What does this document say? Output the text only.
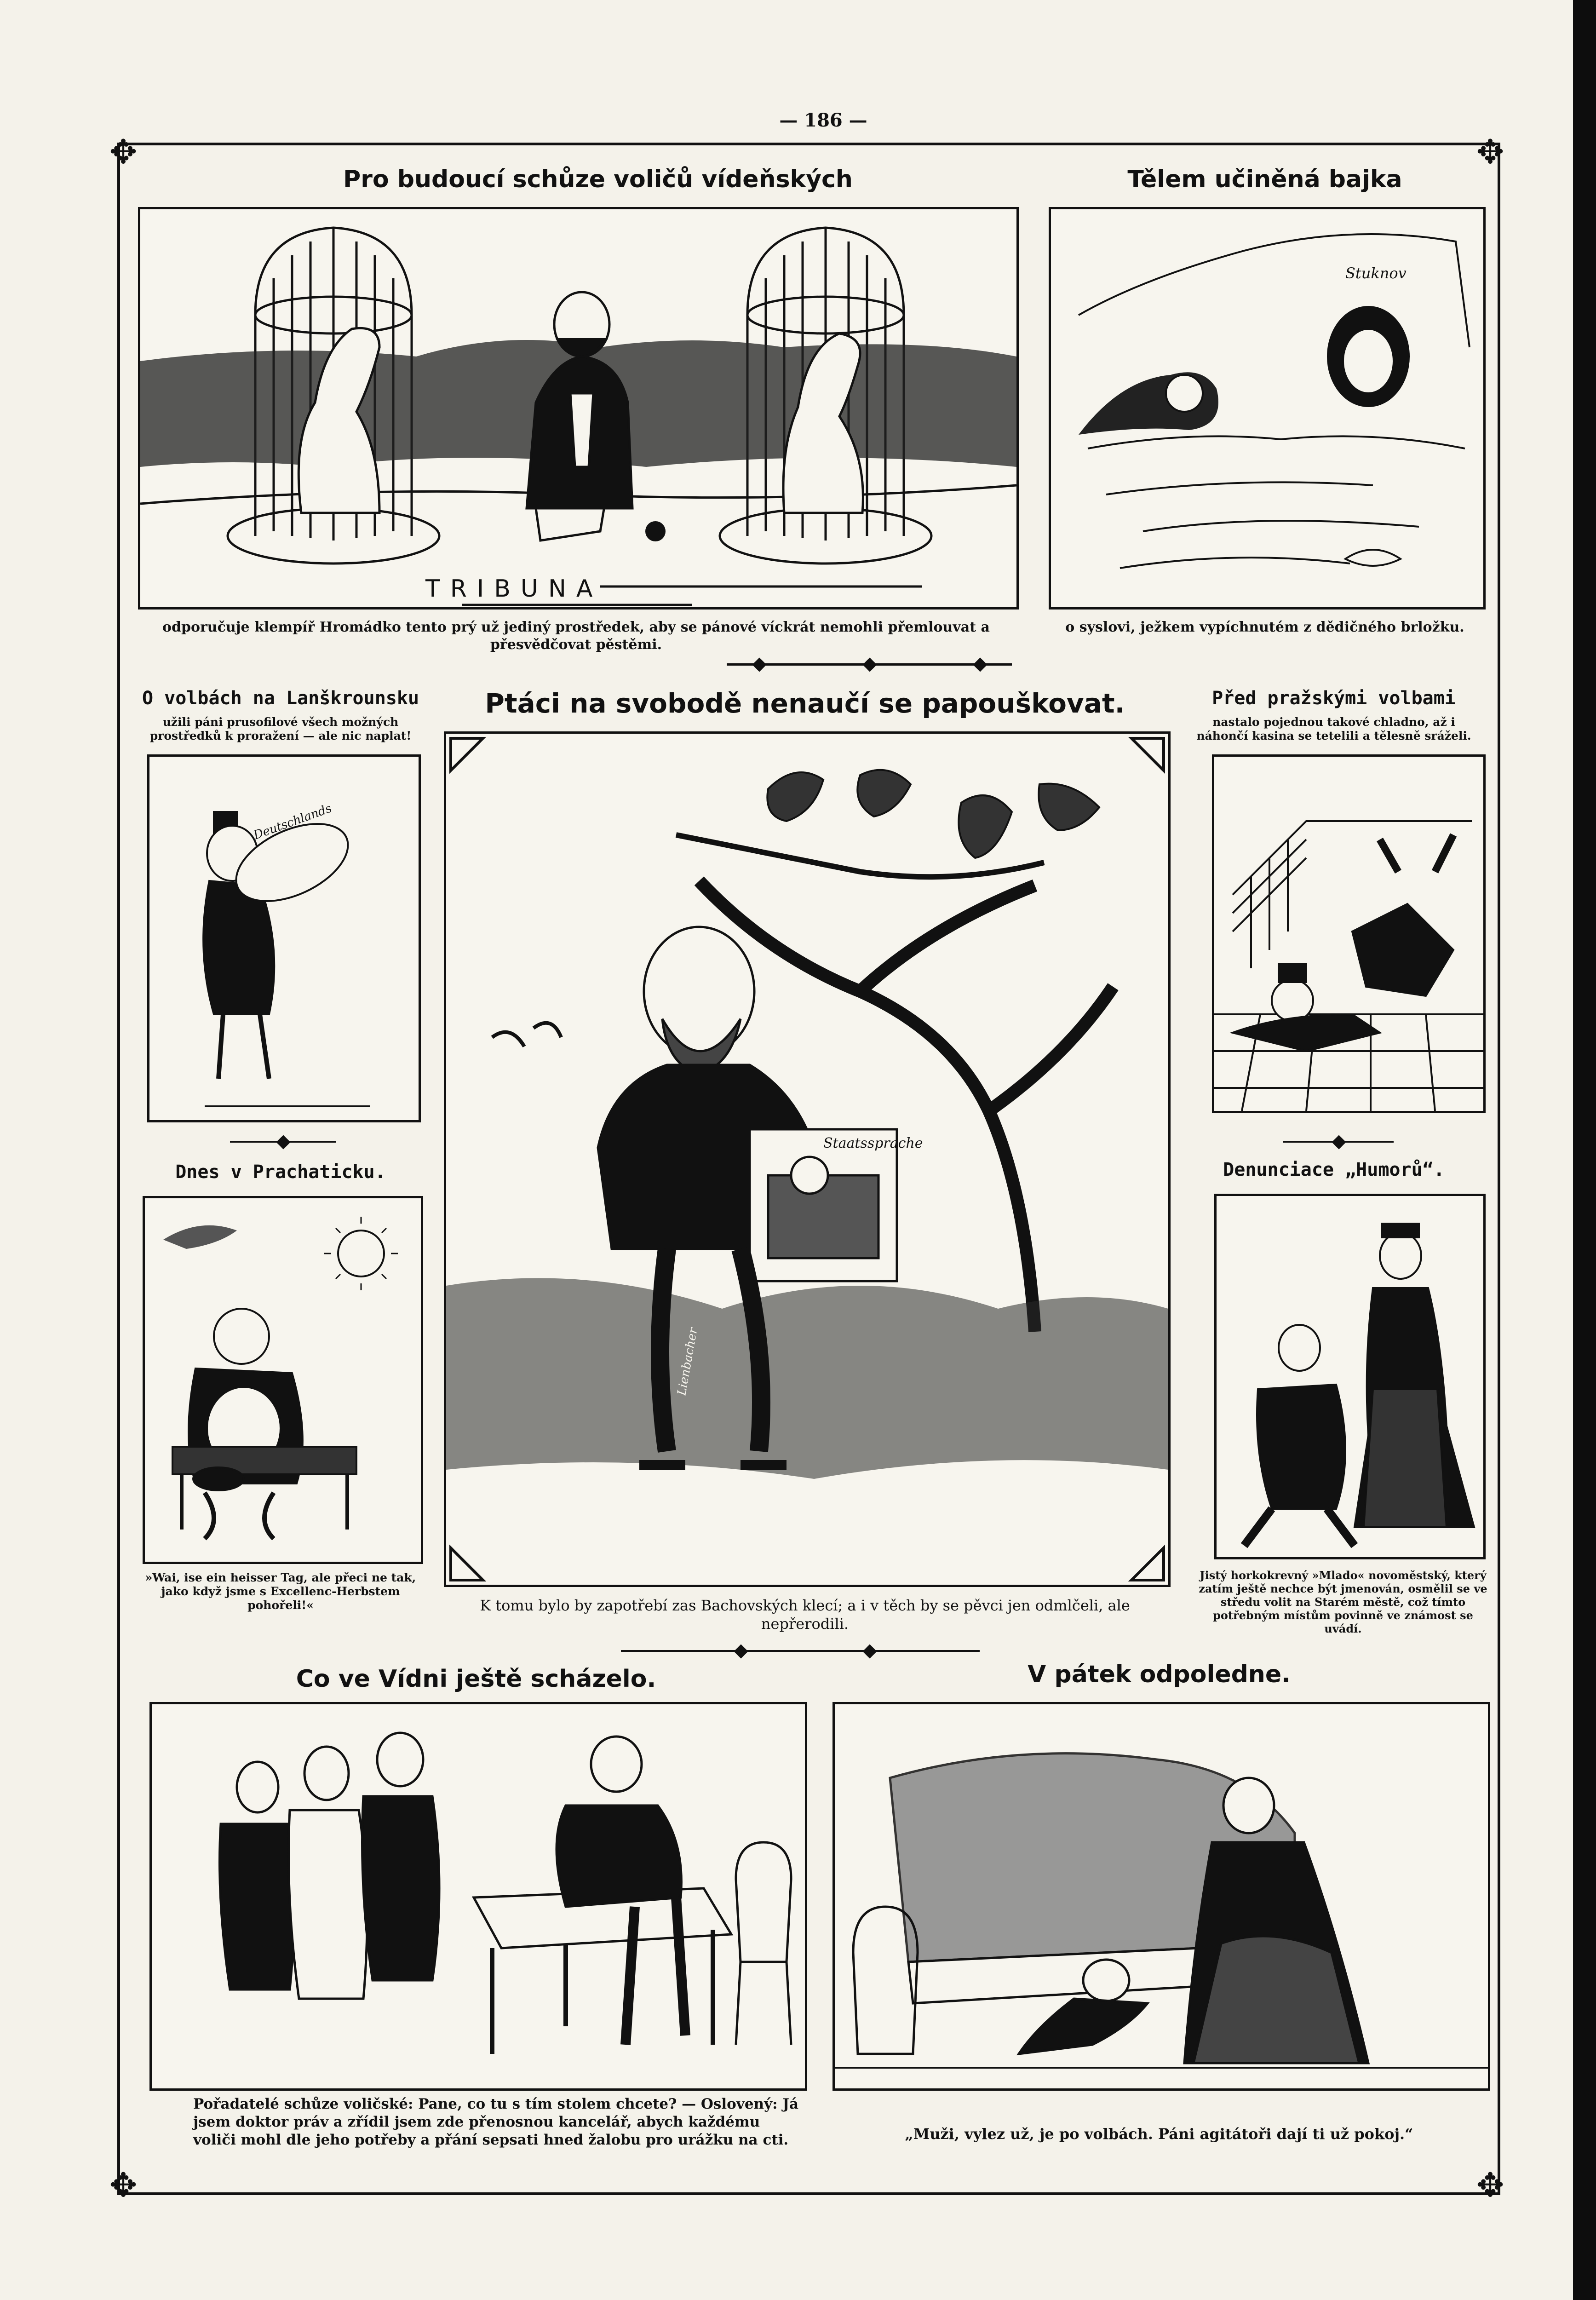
— 186 —
✥	✥
✥	✥
Pro budoucí schůze voličů vídeňských
TRIBUNA
odporučuje klempíř Hromádko tento prý už jediný prostředek, aby se pánové víckrát nemohli přemlouvat a přesvědčovat pěstěmi.
Tělem učiněná bajka
Stuknov
o syslovi, ježkem vypíchnutém z dědičného brložku.
O volbách na Lanškrounsku
užili páni prusofilové všech možných prostředků k proražení — ale nic naplat!
Deutschlands
Dnes v Prachaticku.
»Wai, ise ein heisser Tag, ale přeci ne tak, jako když jsme s Excellenc-Herbstem pohořeli!«
Ptáci na svobodě nenaučí se papouškovat.
Staatssprache
Lienbacher
K tomu bylo by zapotřebí zas Bachovských klecí; a i v těch by se pěvci jen odmlčeli, ale nepřerodili.
Před pražskými volbami
nastalo pojednou takové chladno, až i náhončí kasina se tetelili a tělesně sráželi.
Denunciace „Humorů“.
Jistý horkokrevný »Mlado« novoměstský, který zatím ještě nechce být jmenován, osmělil se ve středu volit na Starém městě, což tímto potřebným místům povinně ve známost se uvádí.
Co ve Vídni ještě scházelo.
Pořadatelé schůze voličské: Pane, co tu s tím stolem chcete? — Oslovený: Já jsem doktor práv a zřídil jsem zde přenosnou kancelář, abych každému voliči mohl dle jeho potřeby a přání sepsati hned žalobu pro urážku na cti.
V pátek odpoledne.
„Muži, vylez už, je po volbách. Páni agitátoři dají ti už pokoj.“
